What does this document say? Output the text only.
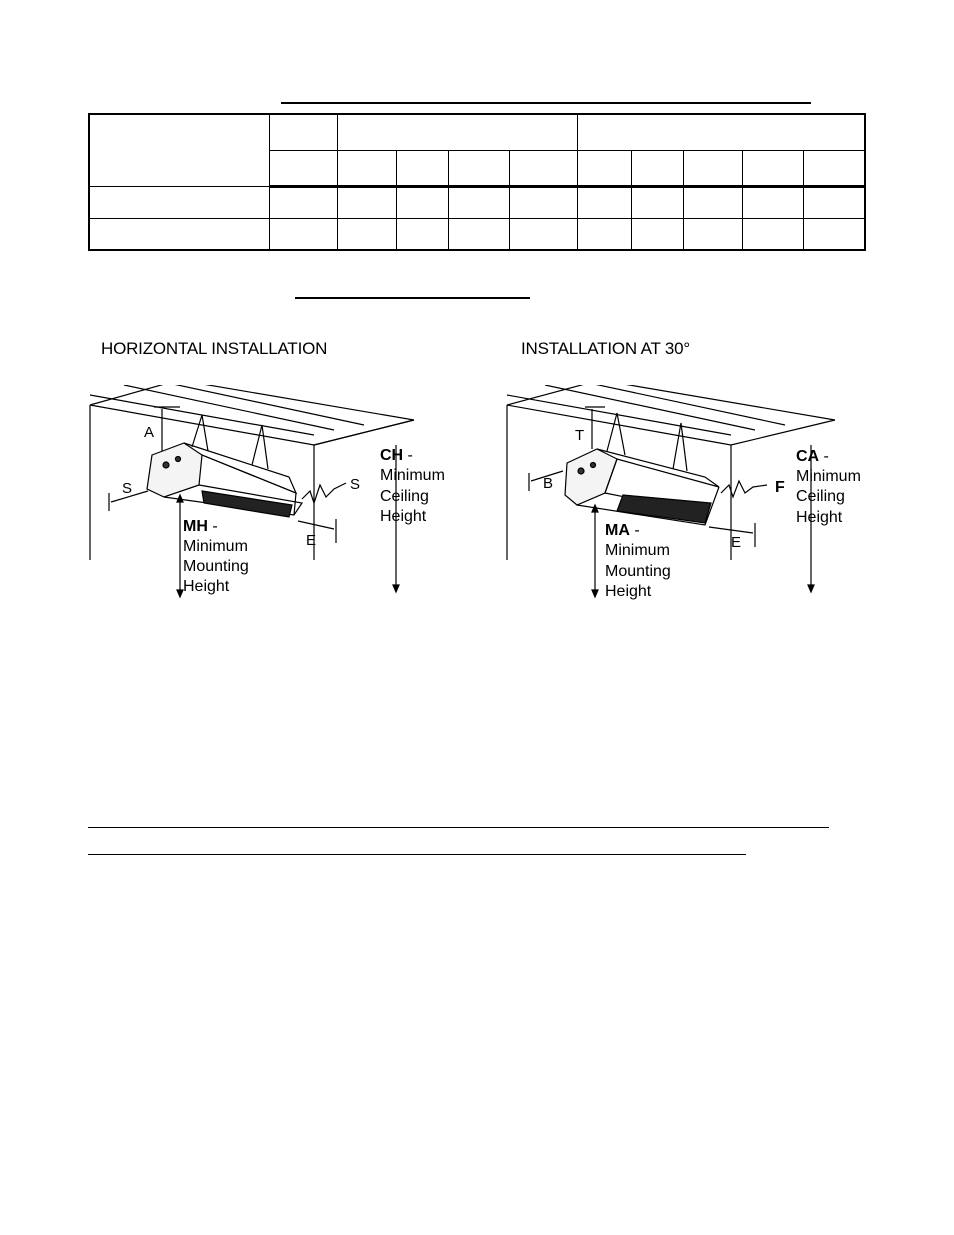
HORIZONTAL INSTALLATION	INSTALLATION AT 30°
A
S	S
E
CH -
Minimum
Ceiling
Height
MH -
Minimum
Mounting
Height
T
B	F
E
CA -
Minimum
Ceiling
Height
MA -
Minimum
Mounting
Height
